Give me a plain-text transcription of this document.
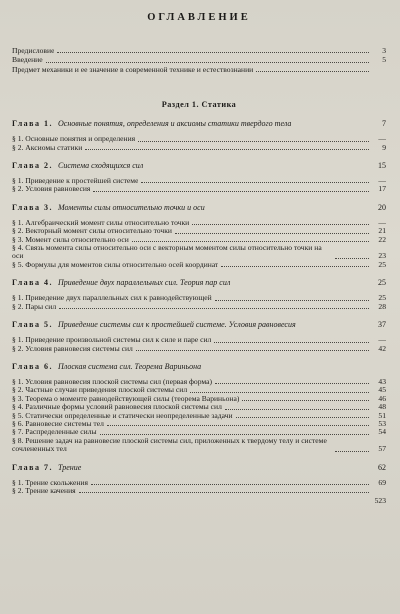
ОГЛАВЛЕНИЕ
Предисловие	3
Введение	5
Предмет механики и ее значение в современной технике и естествознании
Раздел 1. Статика
Глава 1. Основные понятия, определения и аксиомы статики твердого тела	7
§ 1. Основные понятия и определения	—
§ 2. Аксиомы статики	9
Глава 2. Система сходящихся сил	15
§ 1. Приведение к простейшей системе	—
§ 2. Условия равновесия	17
Глава 3. Моменты силы относительно точки и оси	20
§ 1. Алгебраический момент силы относительно точки	—
§ 2. Векторный момент силы относительно точки	21
§ 3. Момент силы относительно оси	22
§ 4. Связь момента силы относительно оси с векторным моментом силы относительно точки на оси	23
§ 5. Формулы для моментов силы относительно осей координат	25
Глава 4. Приведение двух параллельных сил. Теория пар сил	25
§ 1. Приведение двух параллельных сил к равнодействующей	25
§ 2. Пары сил	28
Глава 5. Приведение системы сил к простейшей системе. Условия равновесия	37
§ 1. Приведение произвольной системы сил к силе и паре сил	—
§ 2. Условия равновесия системы сил	42
Глава 6. Плоская система сил. Теорема Вариньона
§ 1. Условия равновесия плоской системы сил (первая форма)	43
§ 2. Частные случаи приведения плоской системы сил	45
§ 3. Теорема о моменте равнодействующей силы (теорема Вариньона)	46
§ 4. Различные формы условий равновесия плоской системы сил	48
§ 5. Статически определенные и статически неопределенные задачи	51
§ 6. Равновесие системы тел	53
§ 7. Распределенные силы	54
§ 8. Решение задач на равновесие плоской системы сил, приложенных к твердому телу и системе сочлененных тел	57
Глава 7. Трение	62
§ 1. Трение скольжения	69
§ 2. Трение качения
523
